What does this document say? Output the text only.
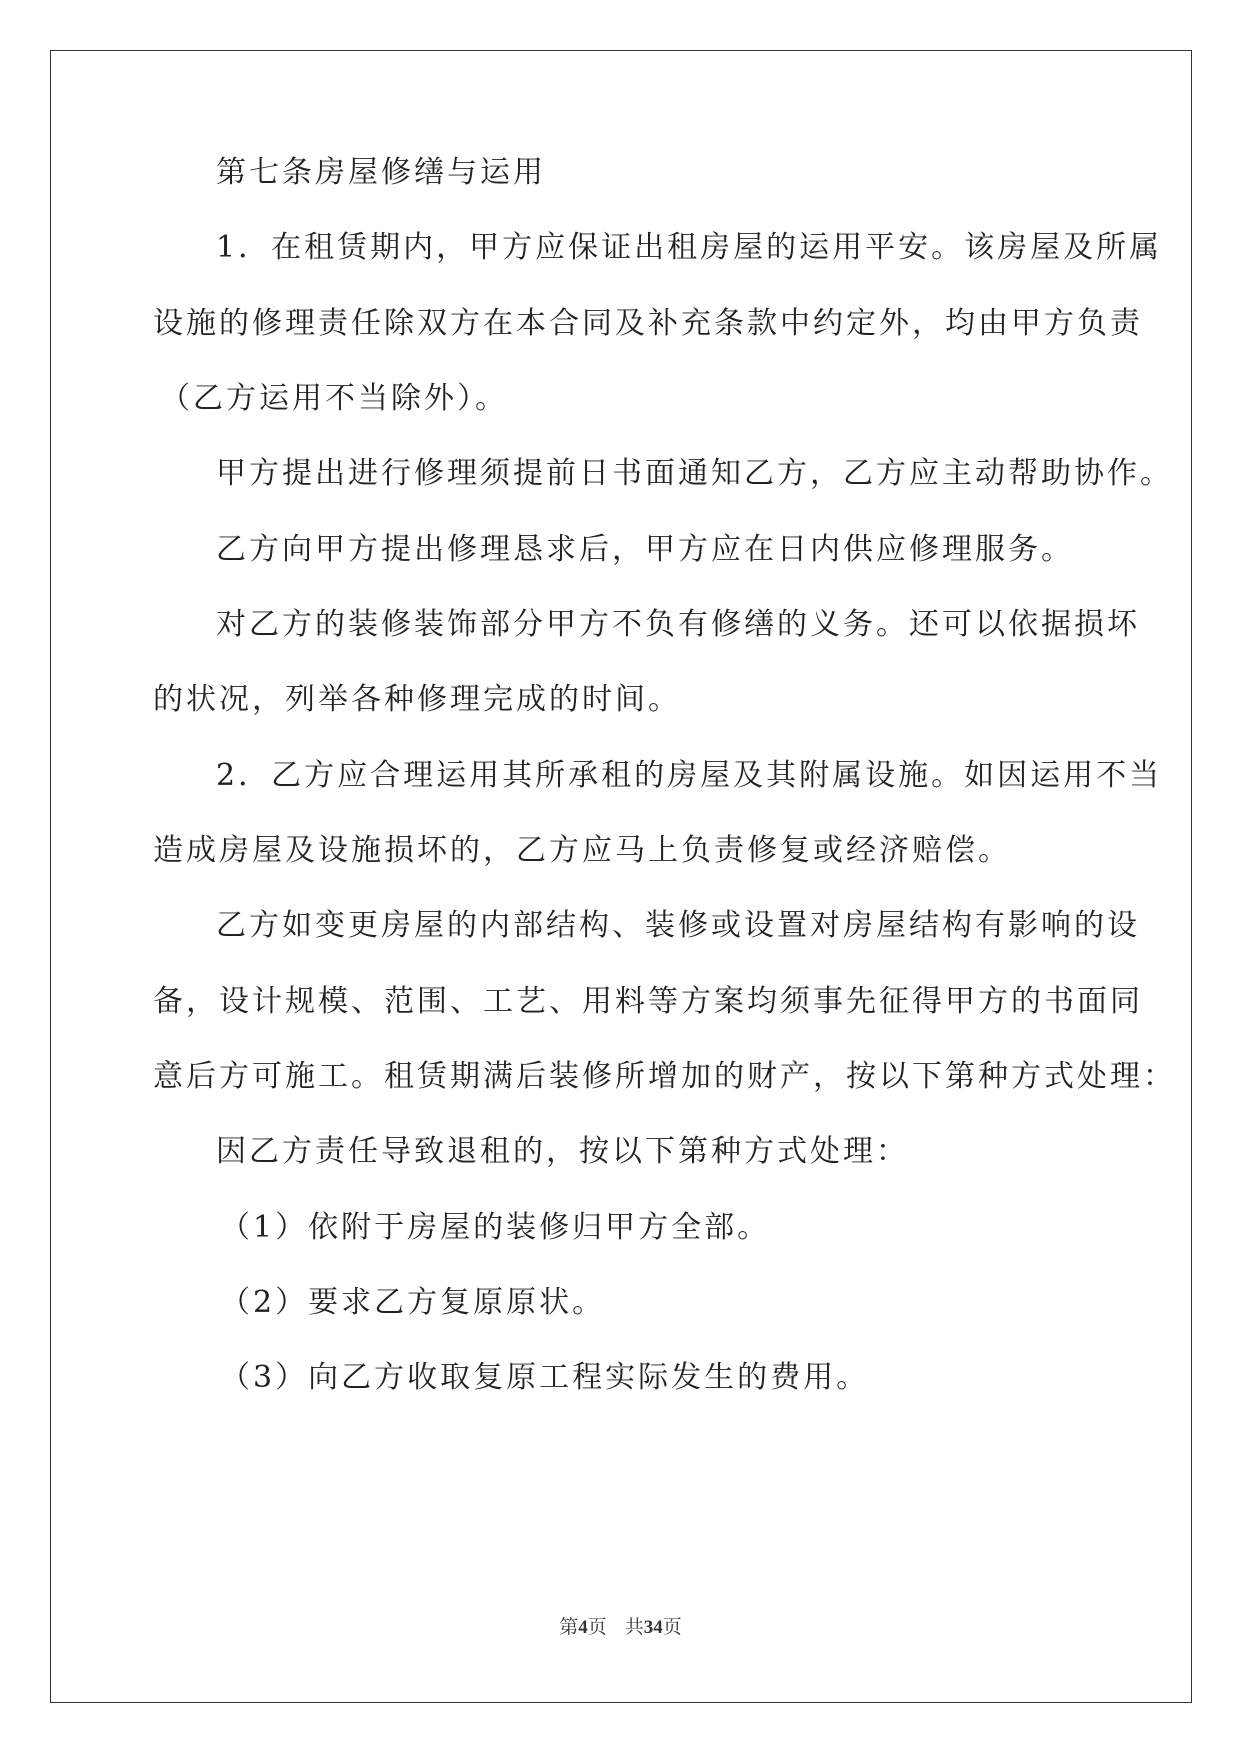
第七条房屋修缮与运用
1．在租赁期内，甲方应保证出租房屋的运用平安。该房屋及所属
设施的修理责任除双方在本合同及补充条款中约定外，均由甲方负责
（乙方运用不当除外）。
甲方提出进行修理须提前日书面通知乙方，乙方应主动帮助协作。
乙方向甲方提出修理恳求后，甲方应在日内供应修理服务。
对乙方的装修装饰部分甲方不负有修缮的义务。还可以依据损坏
的状况，列举各种修理完成的时间。
2．乙方应合理运用其所承租的房屋及其附属设施。如因运用不当
造成房屋及设施损坏的，乙方应马上负责修复或经济赔偿。
乙方如变更房屋的内部结构、装修或设置对房屋结构有影响的设
备，设计规模、范围、工艺、用料等方案均须事先征得甲方的书面同
意后方可施工。租赁期满后装修所增加的财产，按以下第种方式处理：
因乙方责任导致退租的，按以下第种方式处理：
（1）依附于房屋的装修归甲方全部。
（2）要求乙方复原原状。
（3）向乙方收取复原工程实际发生的费用。
第4页 共34页
